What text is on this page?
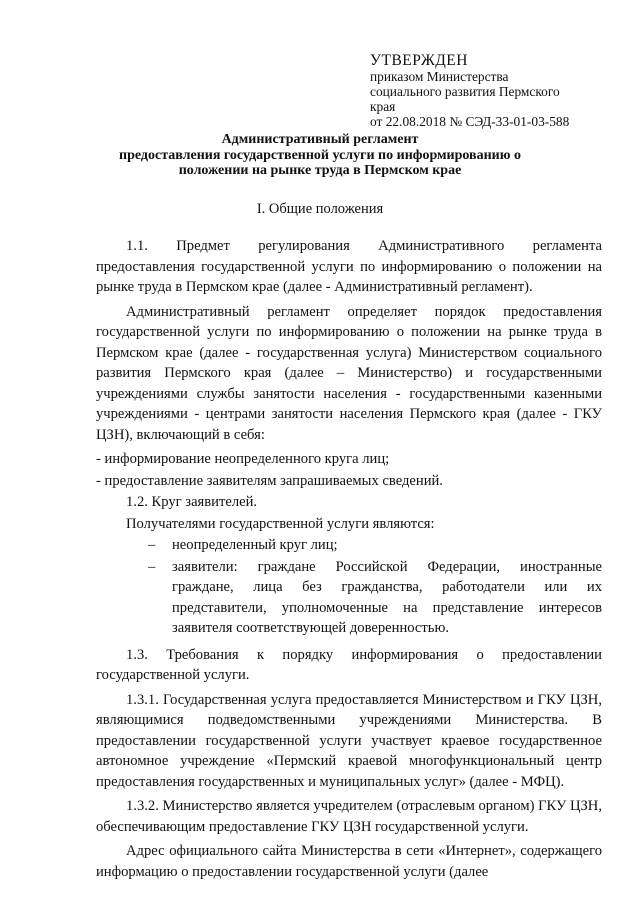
УТВЕРЖДЕН
приказом Министерства
социального развития Пермского
края
от 22.08.2018 № СЭД-33-01-03-588
Административный регламент
предоставления государственной услуги по информированию о
положении на рынке труда в Пермском крае
I. Общие положения

1.1. Предмет регулирования Административного регламента предоставления государственной услуги по информированию о положении на рынке труда в Пермском крае (далее - Административный регламент).

Административный регламент определяет порядок предоставления государственной услуги по информированию о положении на рынке труда в Пермском крае (далее - государственная услуга) Министерством социального развития Пермского края (далее – Министерство) и государственными учреждениями службы занятости населения - государственными казенными учреждениями - центрами занятости населения Пермского края (далее - ГКУ ЦЗН), включающий в себя:

- информирование неопределенного круга лиц;

- предоставление заявителям запрашиваемых сведений.

1.2. Круг заявителей.

Получателями государственной услуги являются:

– неопределенный круг лиц;
– заявители: граждане Российской Федерации, иностранные граждане, лица без гражданства, работодатели или их представители, уполномоченные на представление интересов заявителя соответствующей доверенностью.

1.3. Требования к порядку информирования о предоставлении государственной услуги.

1.3.1. Государственная услуга предоставляется Министерством и ГКУ ЦЗН, являющимися подведомственными учреждениями Министерства. В предоставлении государственной услуги участвует краевое государственное автономное учреждение «Пермский краевой многофункциональный центр предоставления государственных и муниципальных услуг» (далее - МФЦ).

1.3.2. Министерство является учредителем (отраслевым органом) ГКУ ЦЗН, обеспечивающим предоставление ГКУ ЦЗН государственной услуги.

Адрес официального сайта Министерства в сети «Интернет», содержащего информацию о предоставлении государственной услуги (далее
